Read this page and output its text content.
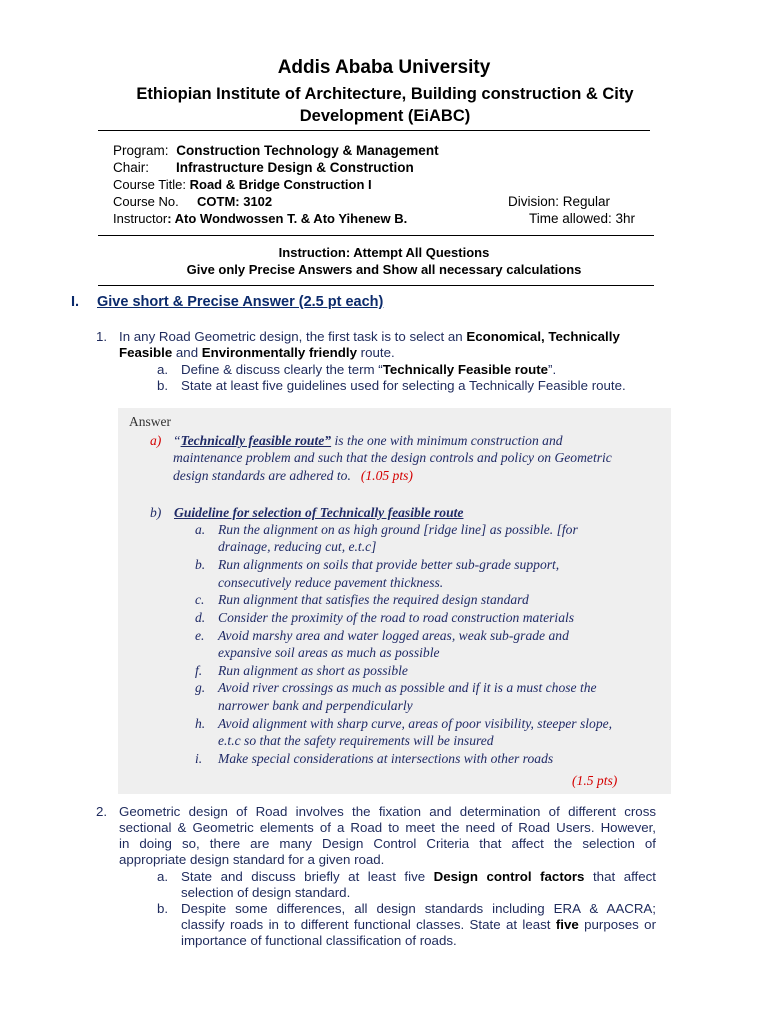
Addis Ababa University
Ethiopian Institute of Architecture, Building construction & City
Development (EiABC)
Program: Construction Technology & Management
Chair: Infrastructure Design & Construction
Course Title: Road & Bridge Construction I
Course No. COTM: 3102	Division: Regular
Instructor: Ato Wondwossen T. & Ato Yihenew B.	Time allowed: 3hr
Instruction: Attempt All Questions
Give only Precise Answers and Show all necessary calculations
I. Give short & Precise Answer (2.5 pt each)
1. In any Road Geometric design, the first task is to select an Economical, Technically
Feasible and Environmentally friendly route.
a. Define & discuss clearly the term “Technically Feasible route”.
b. State at least five guidelines used for selecting a Technically Feasible route.
Answer
a) “Technically feasible route” is the one with minimum construction and
maintenance problem and such that the design controls and policy on Geometric
design standards are adhered to. (1.05 pts)
b) Guideline for selection of Technically feasible route
a. Run the alignment on as high ground [ridge line] as possible. [for
drainage, reducing cut, e.t.c]
b. Run alignments on soils that provide better sub-grade support,
consecutively reduce pavement thickness.
c. Run alignment that satisfies the required design standard
d. Consider the proximity of the road to road construction materials
e. Avoid marshy area and water logged areas, weak sub-grade and
expansive soil areas as much as possible
f. Run alignment as short as possible
g. Avoid river crossings as much as possible and if it is a must chose the
narrower bank and perpendicularly
h. Avoid alignment with sharp curve, areas of poor visibility, steeper slope,
e.t.c so that the safety requirements will be insured
i. Make special considerations at intersections with other roads
(1.5 pts)
2. Geometric design of Road involves the fixation and determination of different cross
sectional & Geometric elements of a Road to meet the need of Road Users. However,
in doing so, there are many Design Control Criteria that affect the selection of
appropriate design standard for a given road.
a. State and discuss briefly at least five Design control factors that affect
selection of design standard.
b. Despite some differences, all design standards including ERA & AACRA;
classify roads in to different functional classes. State at least five purposes or
importance of functional classification of roads.
